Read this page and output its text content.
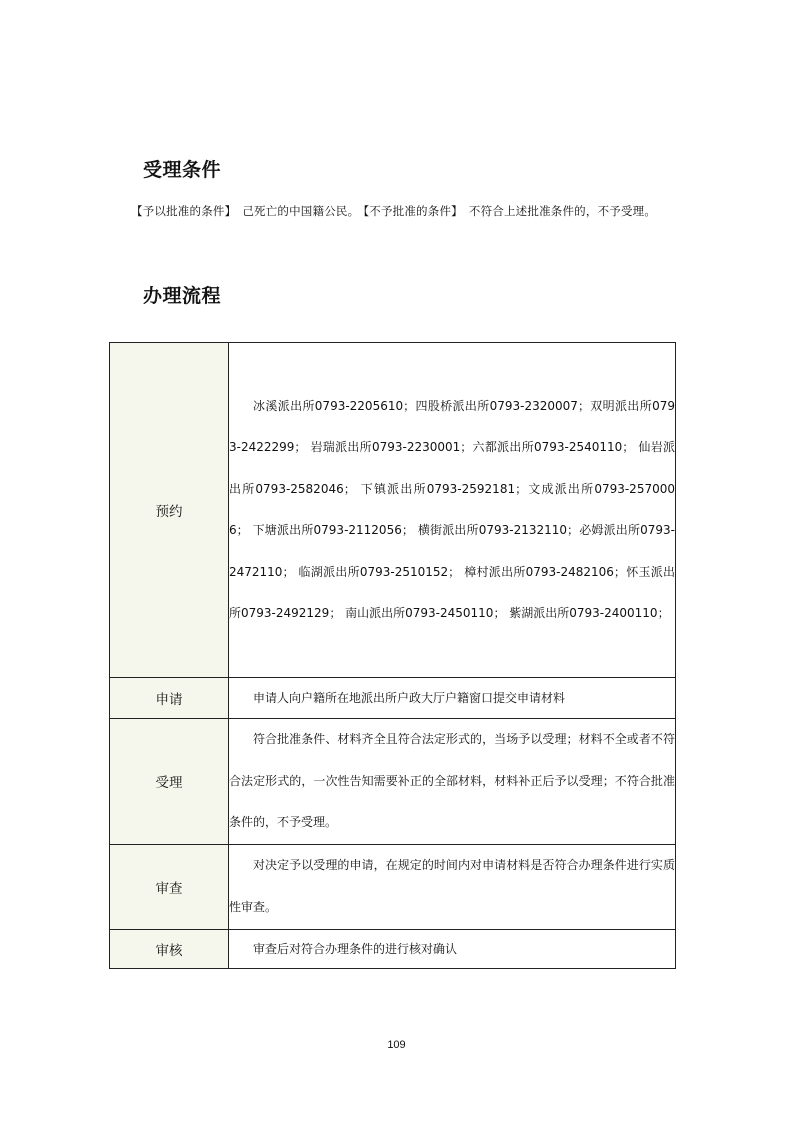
受理条件
【予以批准的条件】 己死亡的中国籍公民。 【不予批准的条件】 不符合上述批准条件的，不予受理。
办理流程
预约	冰溪派出所0793-2205610；四股桥派出所0793-2320007；双明派出所0793-2422299； 岩瑞派出所0793-2230001；六都派出所0793-2540110； 仙岩派出所0793-2582046； 下镇派出所0793-2592181；文成派出所0793-2570006； 下塘派出所0793-2112056； 横街派出所0793-2132110；必姆派出所0793-2472110； 临湖派出所0793-2510152； 樟村派出所0793-2482106；怀玉派出所0793-2492129； 南山派出所0793-2450110； 紫湖派出所0793-2400110；
申请	申请人向户籍所在地派出所户政大厅户籍窗口提交申请材料
受理	符合批准条件、材料齐全且符合法定形式的，当场予以受理；材料不全或者不符合法定形式的，一次性告知需要补正的全部材料，材料补正后予以受理；不符合批准条件的，不予受理。
审查	对决定予以受理的申请，在规定的时间内对申请材料是否符合办理条件进行实质性审查。
审核	审查后对符合办理条件的进行核对确认
109
